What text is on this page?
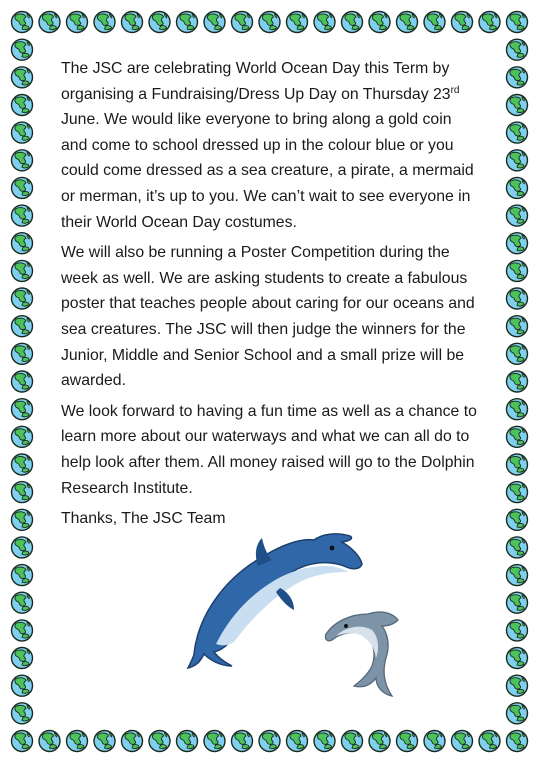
The JSC are celebrating World Ocean Day this Term by organising a Fundraising/Dress Up Day on Thursday 23rd June. We would like everyone to bring along a gold coin and come to school dressed up in the colour blue or you could come dressed as a sea creature, a pirate, a mermaid or merman, it’s up to you. We can’t wait to see everyone in their World Ocean Day costumes.

We will also be running a Poster Competition during the week as well. We are asking students to create a fabulous poster that teaches people about caring for our oceans and sea creatures. The JSC will then judge the winners for the Junior, Middle and Senior School and a small prize will be awarded.

We look forward to having a fun time as well as a chance to learn more about our waterways and what we can all do to help look after them. All money raised will go to the Dolphin Research Institute.

Thanks, The JSC Team
